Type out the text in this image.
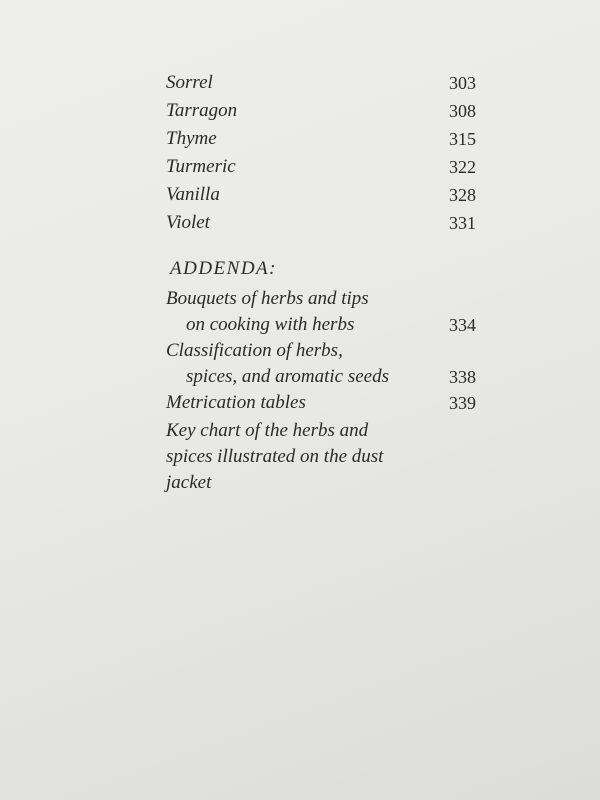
Sorrel	303
Tarragon	308
Thyme	315
Turmeric	322
Vanilla	328
Violet	331
ADDENDA:
Bouquets of herbs and tips
on cooking with herbs	334
Classification of herbs,
spices, and aromatic seeds	338
Metrication tables	339
Key chart of the herbs and
spices illustrated on the dust
jacket
